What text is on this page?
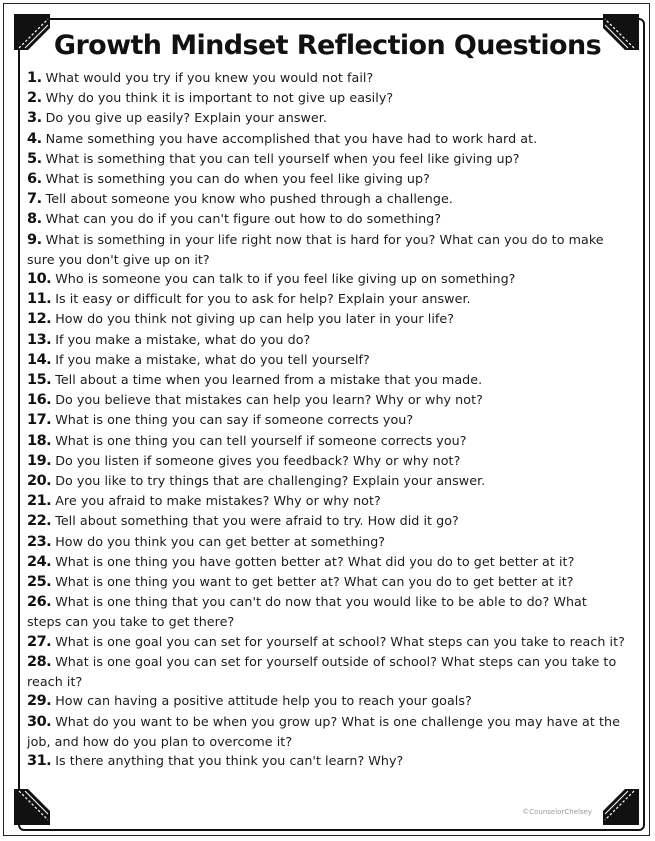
Growth Mindset Reflection Questions
1. What would you try if you knew you would not fail?
2. Why do you think it is important to not give up easily?
3. Do you give up easily? Explain your answer.
4. Name something you have accomplished that you have had to work hard at.
5. What is something that you can tell yourself when you feel like giving up?
6. What is something you can do when you feel like giving up?
7. Tell about someone you know who pushed through a challenge.
8. What can you do if you can't figure out how to do something?
9. What is something in your life right now that is hard for you? What can you do to make sure you don't give up on it?
10. Who is someone you can talk to if you feel like giving up on something?
11. Is it easy or difficult for you to ask for help? Explain your answer.
12. How do you think not giving up can help you later in your life?
13. If you make a mistake, what do you do?
14. If you make a mistake, what do you tell yourself?
15. Tell about a time when you learned from a mistake that you made.
16. Do you believe that mistakes can help you learn? Why or why not?
17. What is one thing you can say if someone corrects you?
18. What is one thing you can tell yourself if someone corrects you?
19. Do you listen if someone gives you feedback? Why or why not?
20. Do you like to try things that are challenging? Explain your answer.
21. Are you afraid to make mistakes? Why or why not?
22. Tell about something that you were afraid to try. How did it go?
23. How do you think you can get better at something?
24. What is one thing you have gotten better at? What did you do to get better at it?
25. What is one thing you want to get better at? What can you do to get better at it?
26. What is one thing that you can't do now that you would like to be able to do? What steps can you take to get there?
27. What is one goal you can set for yourself at school? What steps can you take to reach it?
28. What is one goal you can set for yourself outside of school? What steps can you take to reach it?
29. How can having a positive attitude help you to reach your goals?
30. What do you want to be when you grow up? What is one challenge you may have at the job, and how do you plan to overcome it?
31. Is there anything that you think you can't learn? Why?
©CounselorChelsey
